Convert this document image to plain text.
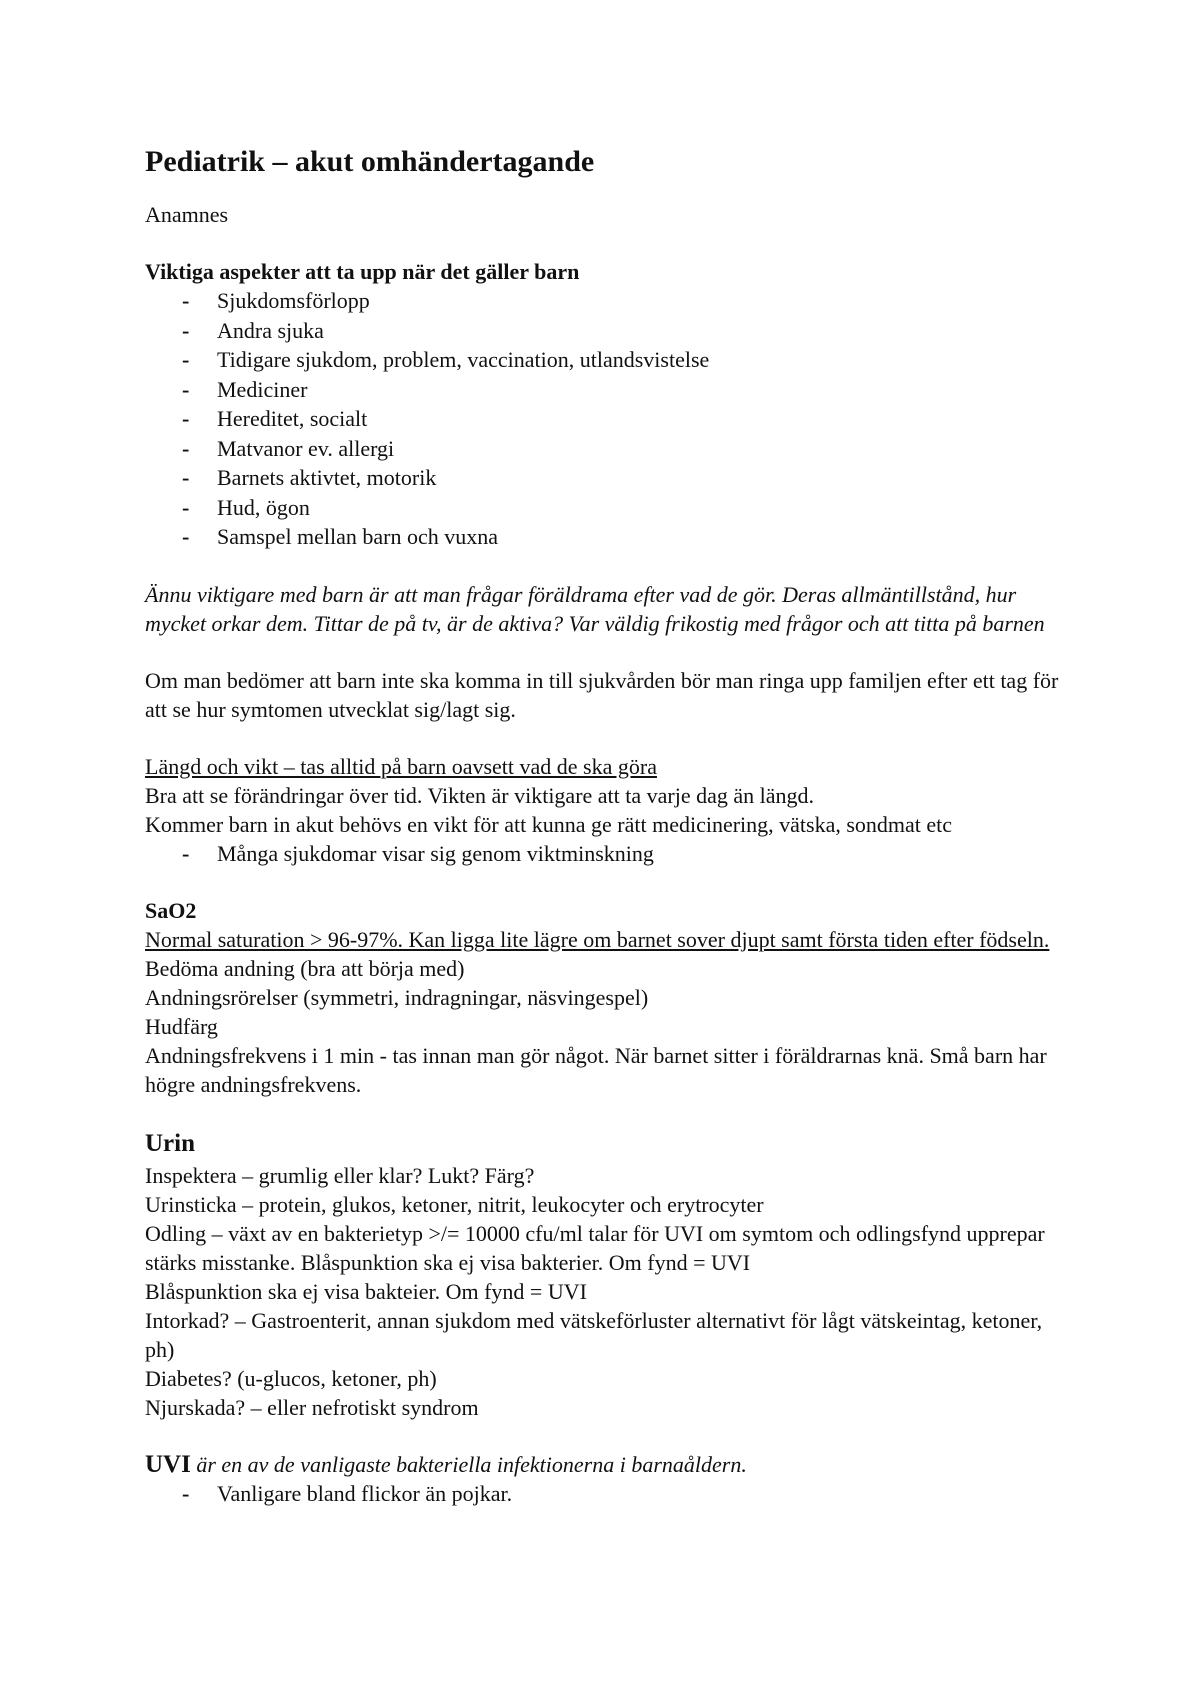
Pediatrik – akut omhändertagande

Anamnes

Viktiga aspekter att ta upp när det gäller barn

- Sjukdomsförlopp
- Andra sjuka
- Tidigare sjukdom, problem, vaccination, utlandsvistelse
- Mediciner
- Hereditet, socialt
- Matvanor ev. allergi
- Barnets aktivtet, motorik
- Hud, ögon
- Samspel mellan barn och vuxna

Ännu viktigare med barn är att man frågar föräldrama efter vad de gör. Deras allmäntillstånd, hur mycket orkar dem. Tittar de på tv, är de aktiva? Var väldig frikostig med frågor och att titta på barnen

Om man bedömer att barn inte ska komma in till sjukvården bör man ringa upp familjen efter ett tag för att se hur symtomen utvecklat sig/lagt sig.

Längd och vikt – tas alltid på barn oavsett vad de ska göra

Bra att se förändringar över tid. Vikten är viktigare att ta varje dag än längd.

Kommer barn in akut behövs en vikt för att kunna ge rätt medicinering, vätska, sondmat etc

- Många sjukdomar visar sig genom viktminskning

SaO2

Normal saturation > 96-97%. Kan ligga lite lägre om barnet sover djupt samt första tiden efter födseln.

Bedöma andning (bra att börja med)

Andningsrörelser (symmetri, indragningar, näsvingespel)

Hudfärg

Andningsfrekvens i 1 min - tas innan man gör något. När barnet sitter i föräldrarnas knä. Små barn har högre andningsfrekvens.

Urin

Inspektera – grumlig eller klar? Lukt? Färg?

Urinsticka – protein, glukos, ketoner, nitrit, leukocyter och erytrocyter

Odling – växt av en bakterietyp >/= 10000 cfu/ml talar för UVI om symtom och odlingsfynd upprepar stärks misstanke. Blåspunktion ska ej visa bakterier. Om fynd = UVI

Blåspunktion ska ej visa bakteier. Om fynd = UVI

Intorkad? – Gastroenterit, annan sjukdom med vätskeförluster alternativt för lågt vätskeintag, ketoner, ph)

Diabetes? (u-glucos, ketoner, ph)

Njurskada? – eller nefrotiskt syndrom

UVI är en av de vanligaste bakteriella infektionerna i barnaåldern.

- Vanligare bland flickor än pojkar.
